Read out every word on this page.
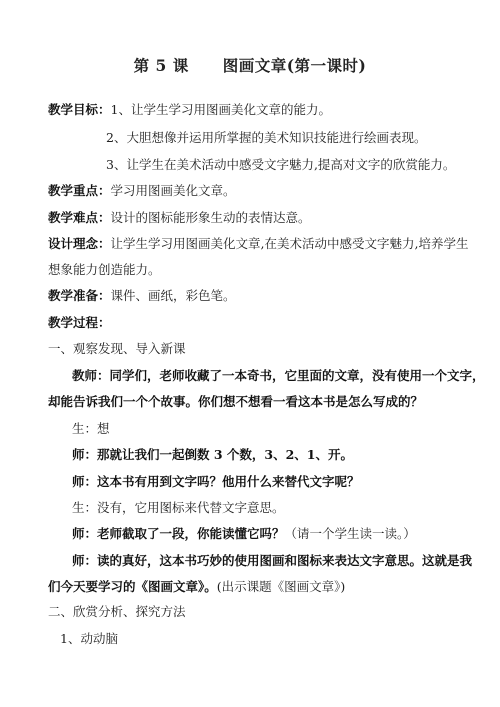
第 5 课 图画文章(第一课时)
教学目标：1、让学生学习用图画美化文章的能力。
2、大胆想像并运用所掌握的美术知识技能进行绘画表现。
3、让学生在美术活动中感受文字魅力,提高对文字的欣赏能力。
教学重点：学习用图画美化文章。
教学难点：设计的图标能形象生动的表情达意。
设计理念：让学生学习用图画美化文章,在美术活动中感受文字魅力,培养学生
想象能力创造能力。
教学准备：课件、画纸，彩色笔。
教学过程：
一、观察发现、导入新课
教师：同学们，老师收藏了一本奇书，它里面的文章，没有使用一个文字，
却能告诉我们一个个故事。你们想不想看一看这本书是怎么写成的？
生：想
师：那就让我们一起倒数 3 个数，3、2、1、开。
师：这本书有用到文字吗？他用什么来替代文字呢？
生：没有，它用图标来代替文字意思。
师：老师截取了一段，你能读懂它吗？（请一个学生读一读。）
师：读的真好，这本书巧妙的使用图画和图标来表达文字意思。这就是我
们今天要学习的《图画文章》。(出示课题《图画文章》)
二、欣赏分析、探究方法
1、动动脑
